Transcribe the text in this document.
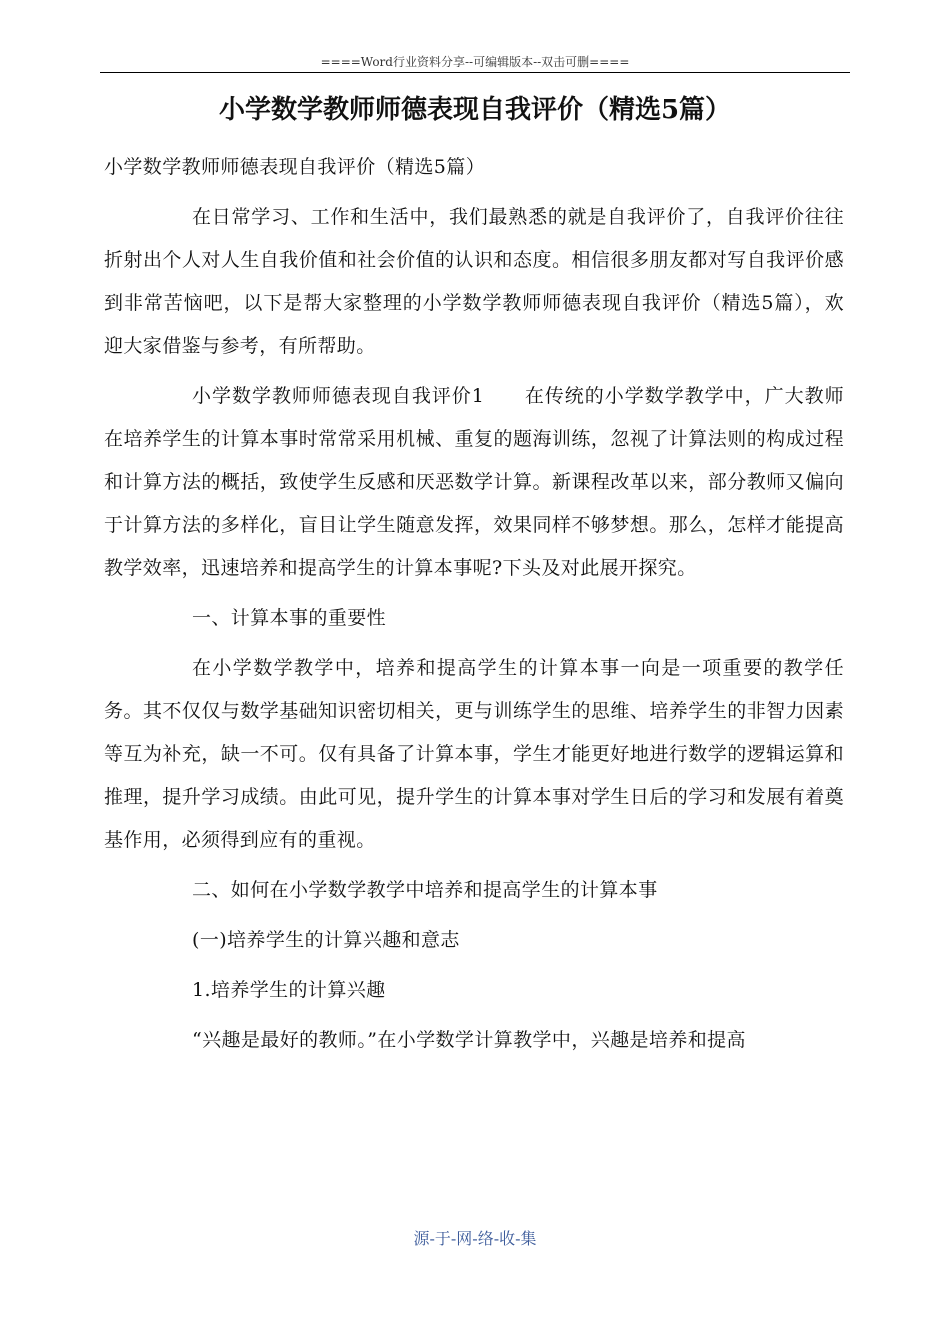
====Word行业资料分享--可编辑版本--双击可删====
小学数学教师师德表现自我评价（精选5篇）

小学数学教师师德表现自我评价（精选5篇）

在日常学习、工作和生活中，我们最熟悉的就是自我评价了，自我评价往往折射出个人对人生自我价值和社会价值的认识和态度。相信很多朋友都对写自我评价感到非常苦恼吧，以下是帮大家整理的小学数学教师师德表现自我评价（精选5篇），欢迎大家借鉴与参考，有所帮助。

小学数学教师师德表现自我评价1　　在传统的小学数学教学中，广大教师在培养学生的计算本事时常常采用机械、重复的题海训练，忽视了计算法则的构成过程和计算方法的概括，致使学生反感和厌恶数学计算。新课程改革以来，部分教师又偏向于计算方法的多样化，盲目让学生随意发挥，效果同样不够梦想。那么，怎样才能提高教学效率，迅速培养和提高学生的计算本事呢?下头及对此展开探究。

一、计算本事的重要性

在小学数学教学中，培养和提高学生的计算本事一向是一项重要的教学任务。其不仅仅与数学基础知识密切相关，更与训练学生的思维、培养学生的非智力因素等互为补充，缺一不可。仅有具备了计算本事，学生才能更好地进行数学的逻辑运算和推理，提升学习成绩。由此可见，提升学生的计算本事对学生日后的学习和发展有着奠基作用，必须得到应有的重视。

二、如何在小学数学教学中培养和提高学生的计算本事

(一)培养学生的计算兴趣和意志

1.培养学生的计算兴趣

“兴趣是最好的教师。”在小学数学计算教学中，兴趣是培养和提高

源-于-网-络-收-集
